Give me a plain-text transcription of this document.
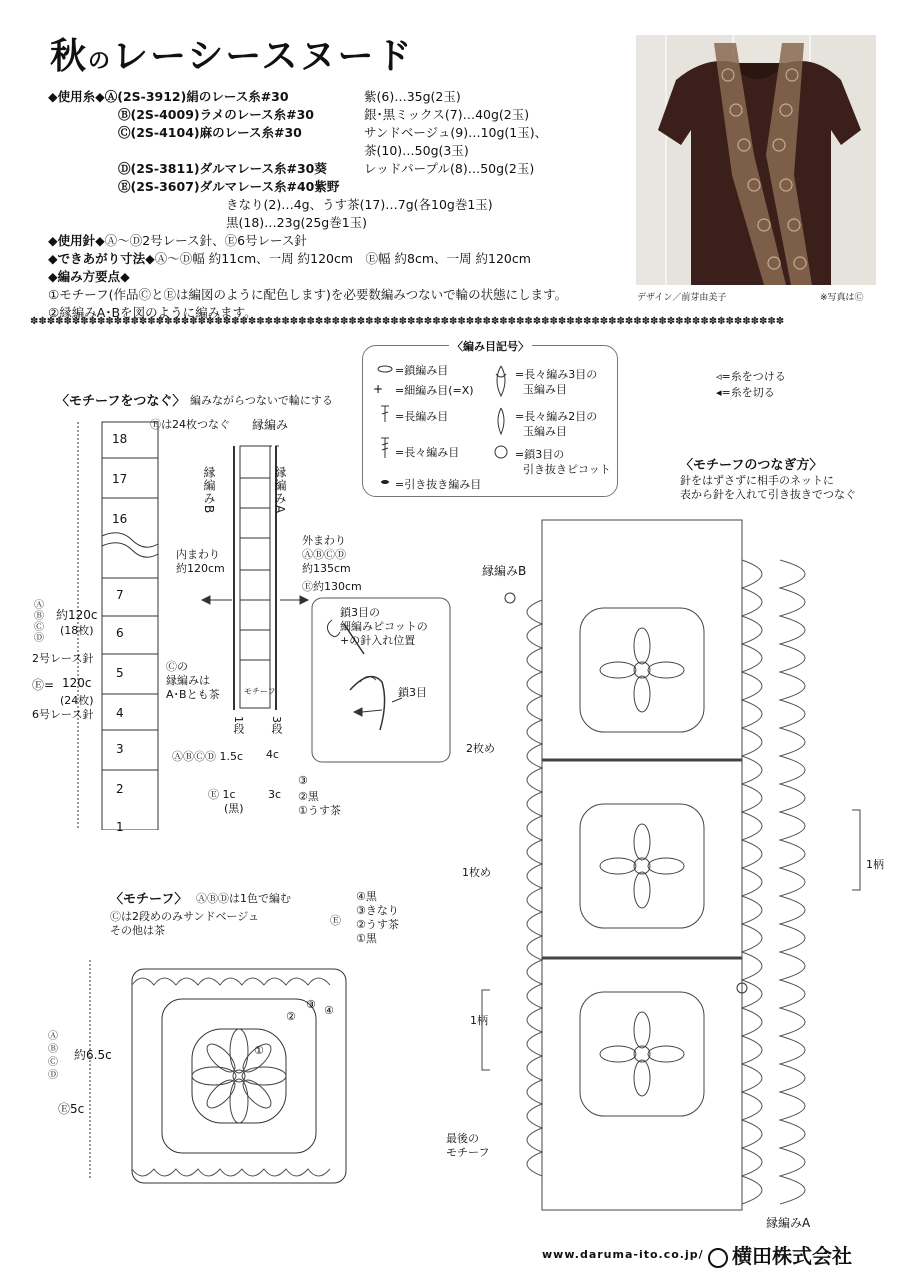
秋のレーシースヌード
◆使用糸◆Ⓐ(2S-3912)絹のレース糸#30	紫(6)…35g(2玉)
Ⓑ(2S-4009)ラメのレース糸#30	銀･黒ミックス(7)…40g(2玉)
Ⓒ(2S-4104)麻のレース糸#30	サンドベージュ(9)…10g(1玉)、
茶(10)…50g(3玉)
Ⓓ(2S-3811)ダルマレース糸#30葵	レッドパープル(8)…50g(2玉)
Ⓔ(2S-3607)ダルマレース糸#40紫野
きなり(2)…4g、うす茶(17)…7g(各10g巻1玉)
黒(18)…23g(25g巻1玉)
◆使用針◆Ⓐ～Ⓓ2号レース針、Ⓔ6号レース針
◆できあがり寸法◆Ⓐ～Ⓓ幅 約11cm、一周 約120cm　Ⓔ幅 約8cm、一周 約120cm
◆編み方要点◆
①モチーフ(作品ⒸとⒺは編図のように配色します)を必要数編みつないで輪の状態にします。
②縁編みA･Bを図のように編みます。
デザイン／前芽由美子	※写真はⒸ
✽✽✽✽✽✽✽✽✽✽✽✽✽✽✽✽✽✽✽✽✽✽✽✽✽✽✽✽✽✽✽✽✽✽✽✽✽✽✽✽✽✽✽✽✽✽✽✽✽✽✽✽✽✽✽✽✽✽✽✽✽✽✽✽✽✽✽✽✽✽✽✽✽✽✽✽✽✽✽✽✽✽✽✽✽✽✽✽✽✽
〈編み目記号〉
+
=鎖編み目
=細編み目(=X)
=長編み目
=長々編み目
=引き抜き編み目
=長々編み3目の
玉編み目
=長々編み2目の
玉編み目
=鎖3目の
引き抜きピコット
◃=糸をつける
◂=糸を切る
〈モチーフをつなぐ〉 編みながらつないで輪にする
18
17
16
7
6
5
4
3
2
1
Ⓔは24枚つなぐ 縁編み
Ⓐ
Ⓑ
Ⓒ
Ⓓ
約120c
(18枚)
2号レース針
Ⓔ= 120c
(24枚)
6号レース針
縁編みB	縁編みA
内まわり
約120cm
外まわり
ⒶⒷⒸⒹ
約135cm
Ⓔ約130cm
鎖3目の
細編みピコットの
+の針入れ位置
鎖3目
Ⓒの
縁編みは
A･Bとも茶	モチーフ
1段 3段
ⒶⒷⒸⒹ 1.5c 4c
Ⓔ 1c
(黒)
3c
③
②黒
①うす茶
〈モチーフ〉 ⒶⒷⒹは1色で編む
Ⓒは2段めのみサンドベージュ
その他は茶
Ⓔ
④黒
③きなり
②うす茶
①黒
Ⓐ
Ⓑ
Ⓒ
Ⓓ
約6.5c
Ⓔ5c
①
②
③ ④
〈モチーフのつなぎ方〉
針をはずさずに相手のネットに
表から針を入れて引き抜きでつなぐ
縁編みB
縁編みA
2枚め
1枚め
1柄
1柄
最後の
モチーフ
www.daruma-ito.co.jp/	横田株式会社
